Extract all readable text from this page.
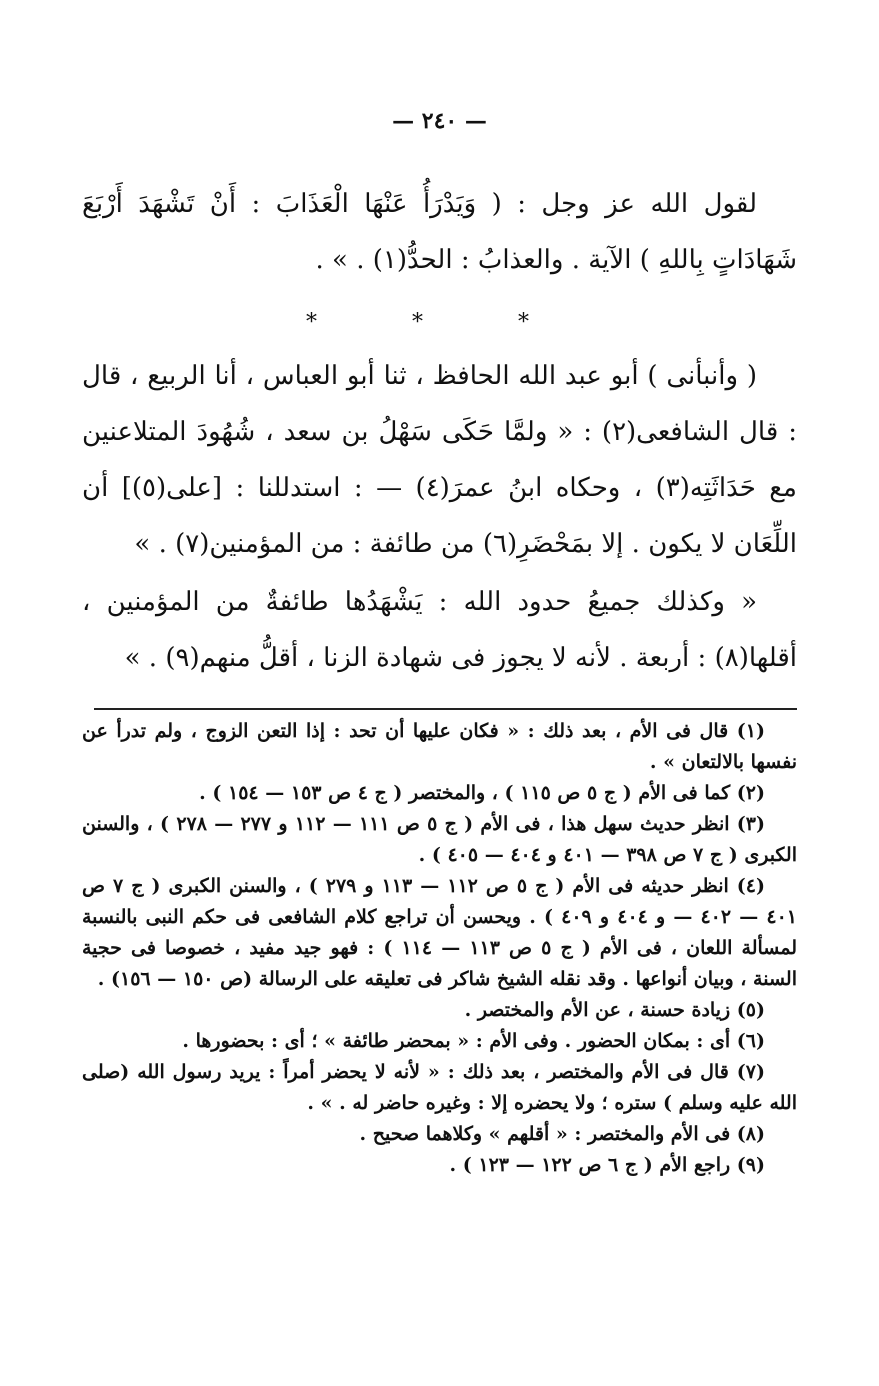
— ٢٤٠ —

لقول الله عز وجل : ( وَيَدْرَأُ عَنْهَا الْعَذَابَ : أَنْ تَشْهَدَ أَرْبَعَ شَهَادَاتٍ بِاللهِ ) الآية . والعذابُ : الحدُّ(١) . » .

* * *

( وأنبأنى ) أبو عبد الله الحافظ ، ثنا أبو العباس ، أنا الربيع ، قال : قال الشافعى(٢) : « ولمَّا حَكَى سَهْلُ بن سعد ، شُهُودَ المتلاعنين مع حَدَاثَتِه(٣) ، وحكاه ابنُ عمرَ(٤) — : استدللنا : [على(٥)] أن اللِّعَان لا يكون . إلا بمَحْضَرِ(٦) من طائفة : من المؤمنين(٧) . »

« وكذلك جميعُ حدود الله : يَشْهَدُها طائفةٌ من المؤمنين ، أقلها(٨) : أربعة . لأنه لا يجوز فى شهادة الزنا ، أقلُّ منهم(٩) . »

(١) قال فى الأم ، بعد ذلك : « فكان عليها أن تحد : إذا التعن الزوج ، ولم تدرأ عن نفسها بالالتعان » .

(٢) كما فى الأم ( ج ٥ ص ١١٥ ) ، والمختصر ( ج ٤ ص ١٥٣ — ١٥٤ ) .

(٣) انظر حديث سهل هذا ، فى الأم ( ج ٥ ص ١١١ — ١١٢ و ٢٧٧ — ٢٧٨ ) ، والسنن الكبرى ( ج ٧ ص ٣٩٨ — ٤٠١ و ٤٠٤ — ٤٠٥ ) .

(٤) انظر حديثه فى الأم ( ج ٥ ص ١١٢ — ١١٣ و ٢٧٩ ) ، والسنن الكبرى ( ج ٧ ص ٤٠١ — ٤٠٢ — و ٤٠٤ و ٤٠٩ ) . ويحسن أن تراجع كلام الشافعى فى حكم النبى بالنسبة لمسألة اللعان ، فى الأم ( ج ٥ ص ١١٣ — ١١٤ ) : فهو جيد مفيد ، خصوصا فى حجية السنة ، وبيان أنواعها . وقد نقله الشيخ شاكر فى تعليقه على الرسالة (ص ١٥٠ — ١٥٦) .

(٥) زيادة حسنة ، عن الأم والمختصر .

(٦) أى : بمكان الحضور . وفى الأم : « بمحضر طائفة » ؛ أى : بحضورها .

(٧) قال فى الأم والمختصر ، بعد ذلك : « لأنه لا يحضر أمراً : يريد رسول الله (صلى الله عليه وسلم ) ستره ؛ ولا يحضره إلا : وغيره حاضر له . » .

(٨) فى الأم والمختصر : « أقلهم » وكلاهما صحيح .

(٩) راجع الأم ( ج ٦ ص ١٢٢ — ١٢٣ ) .
